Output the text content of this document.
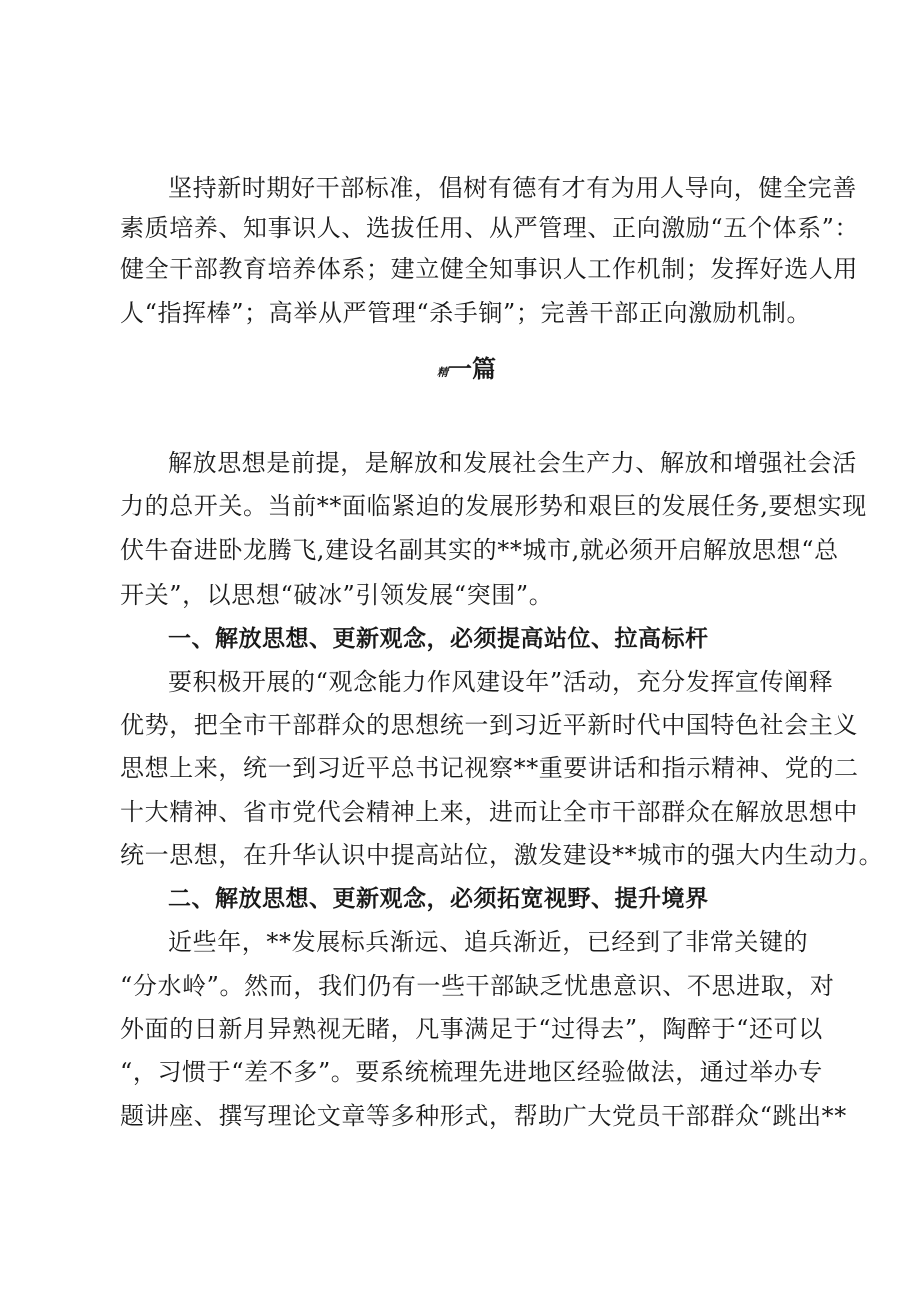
坚持新时期好干部标准，倡树有德有才有为用人导向，健全完善
素质培养、知事识人、选拔任用、从严管理、正向激励“五个体系”：
健全干部教育培养体系；建立健全知事识人工作机制；发挥好选人用
人“指挥棒”；高举从严管理“杀手锏”；完善干部正向激励机制。
精一篇
解放思想是前提，是解放和发展社会生产力、解放和增强社会活
力的总开关。当前**面临紧迫的发展形势和艰巨的发展任务,要想实现
伏牛奋进卧龙腾飞,建设名副其实的**城市,就必须开启解放思想“总
开关”，以思想“破冰”引领发展“突围”。
一、解放思想、更新观念，必须提高站位、拉高标杆
要积极开展的“观念能力作风建设年”活动，充分发挥宣传阐释
优势，把全市干部群众的思想统一到习近平新时代中国特色社会主义
思想上来，统一到习近平总书记视察**重要讲话和指示精神、党的二
十大精神、省市党代会精神上来，进而让全市干部群众在解放思想中
统一思想，在升华认识中提高站位，激发建设**城市的强大内生动力。
二、解放思想、更新观念，必须拓宽视野、提升境界
近些年，**发展标兵渐远、追兵渐近，已经到了非常关键的
“分水岭”。然而，我们仍有一些干部缺乏忧患意识、不思进取，对
外面的日新月异熟视无睹，凡事满足于“过得去”，陶醉于“还可以
“，习惯于“差不多”。要系统梳理先进地区经验做法，通过举办专
题讲座、撰写理论文章等多种形式，帮助广大党员干部群众“跳出**
